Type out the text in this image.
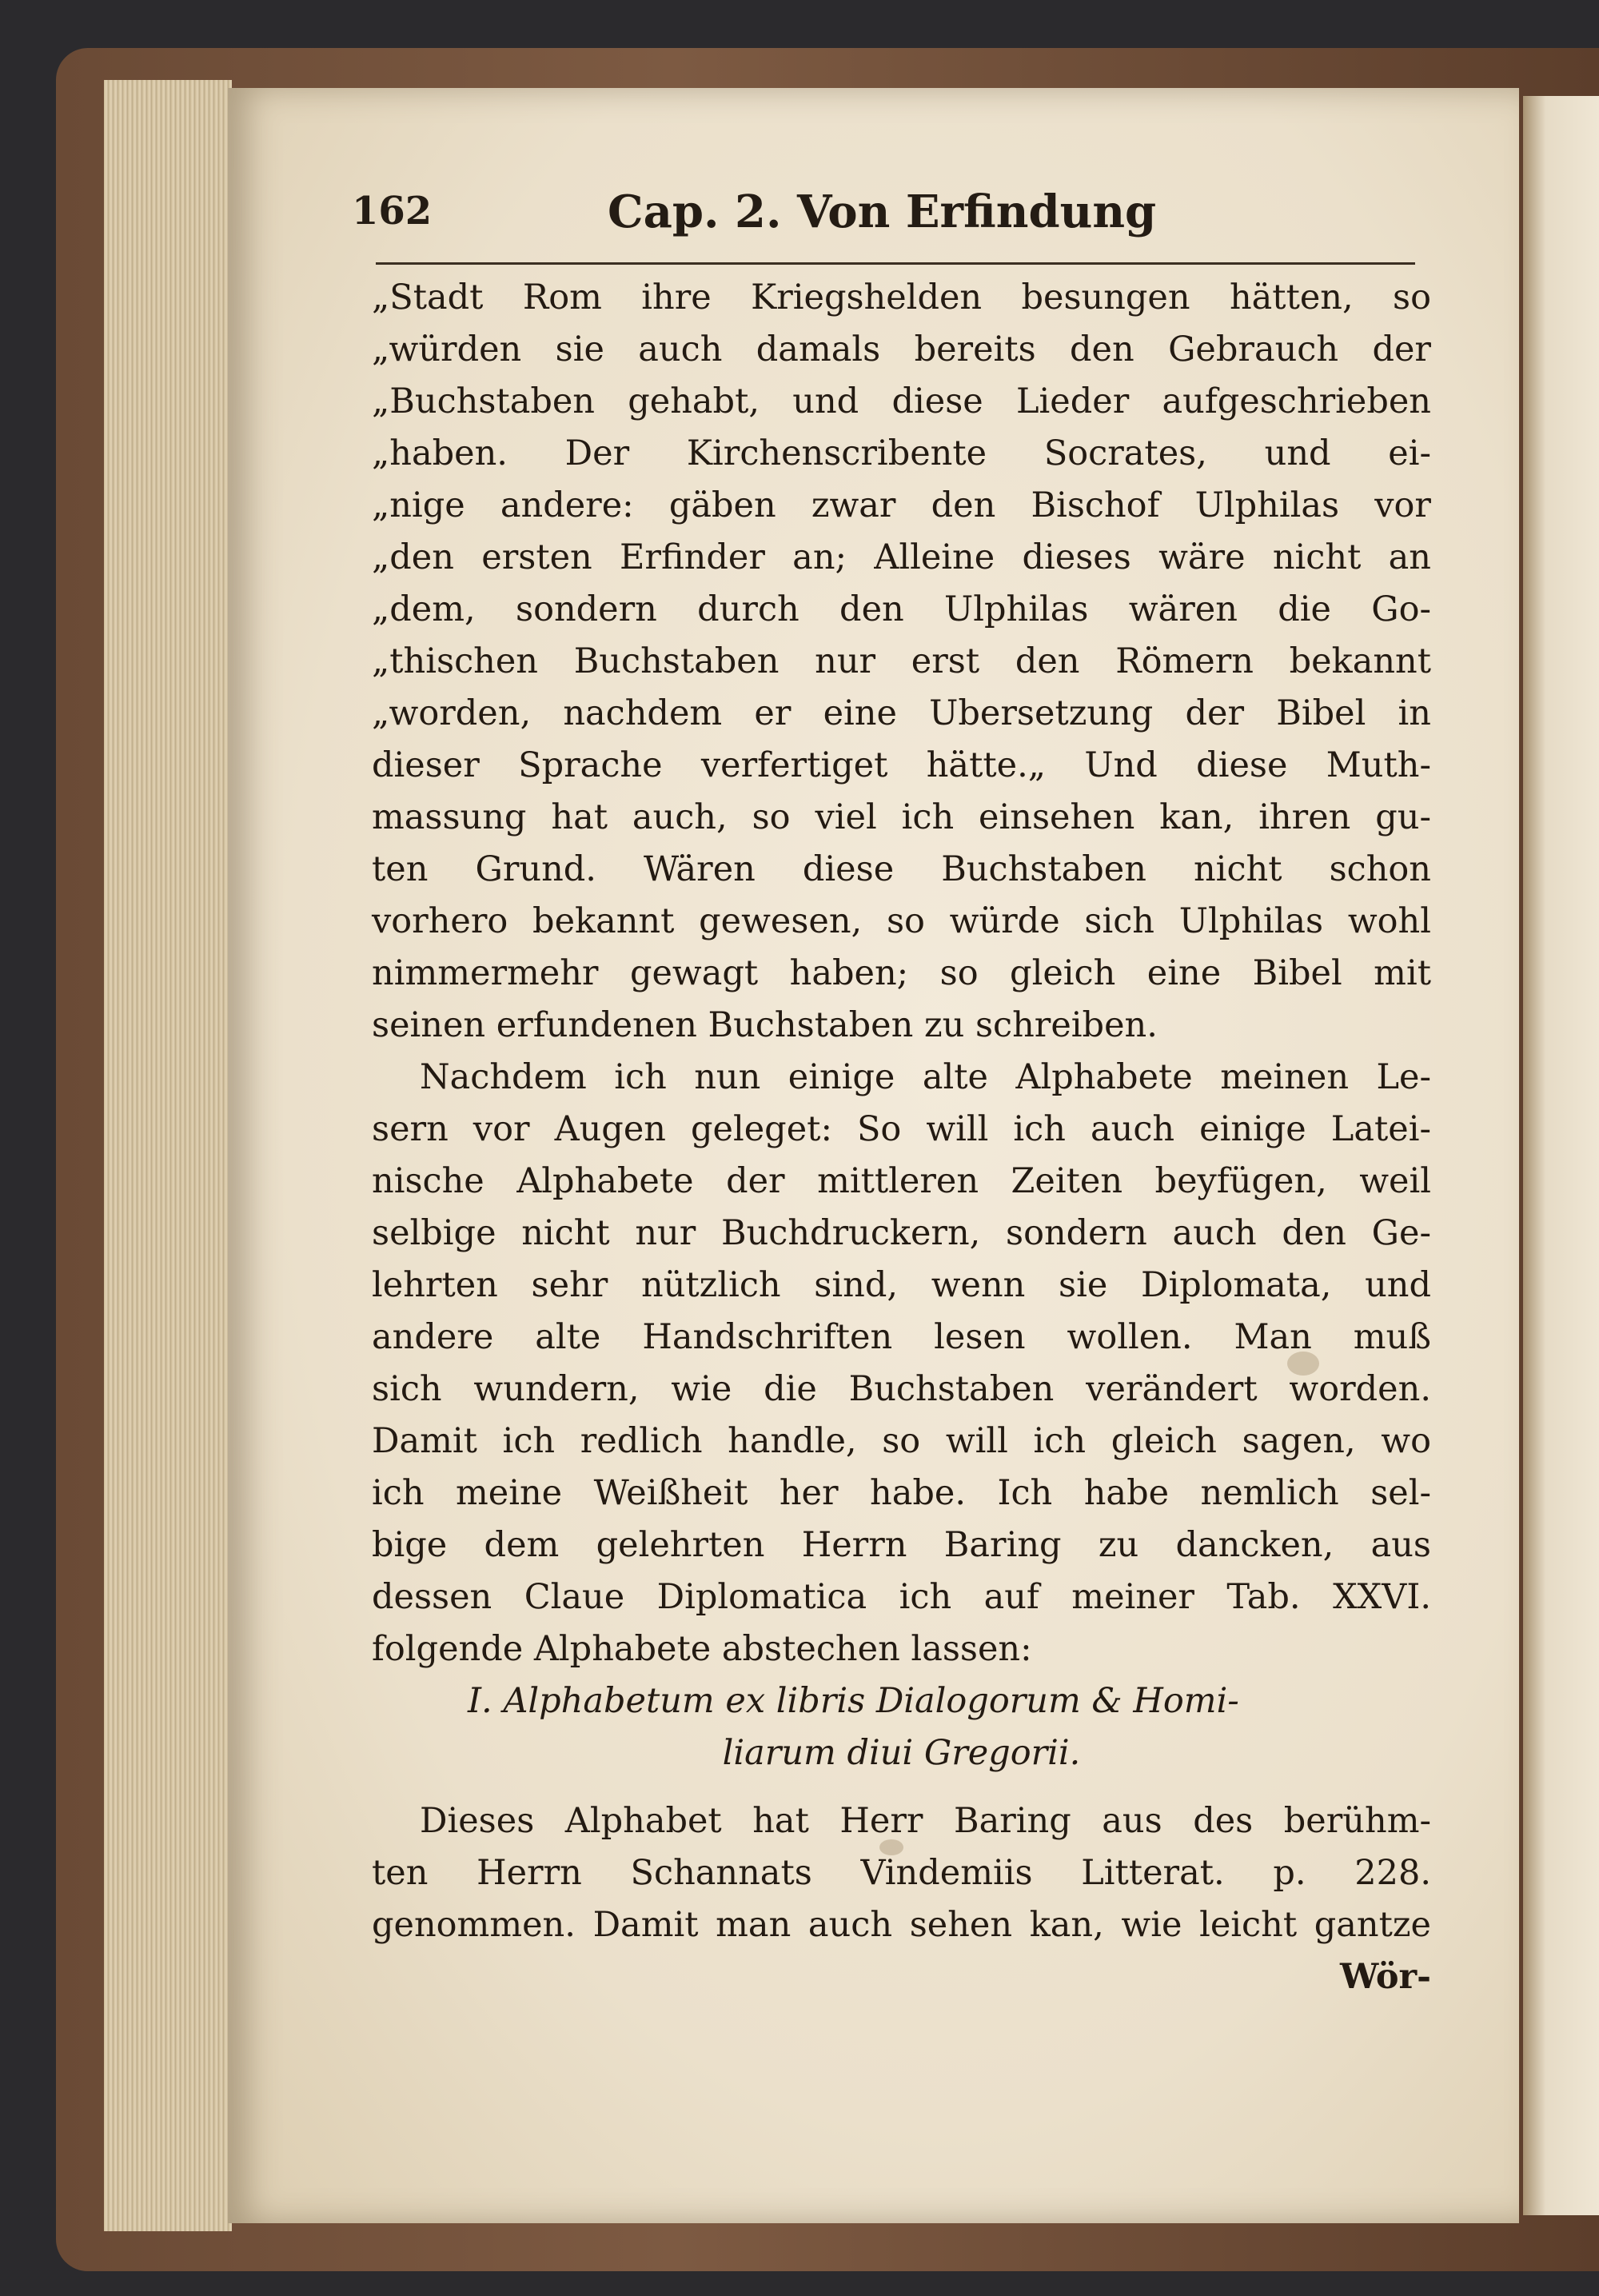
162	Cap. 2. Von Erfindung
„Stadt Rom ihre Kriegshelden besungen hätten, so
„würden sie auch damals bereits den Gebrauch der
„Buchstaben gehabt, und diese Lieder aufgeschrieben
„haben. Der Kirchenscribente Socrates, und ei-
„nige andere: gäben zwar den Bischof Ulphilas vor
„den ersten Erfinder an; Alleine dieses wäre nicht an
„dem, sondern durch den Ulphilas wären die Go-
„thischen Buchstaben nur erst den Römern bekannt
„worden, nachdem er eine Ubersetzung der Bibel in
dieser Sprache verfertiget hätte.„ Und diese Muth-
massung hat auch, so viel ich einsehen kan, ihren gu-
ten Grund. Wären diese Buchstaben nicht schon
vorhero bekannt gewesen, so würde sich Ulphilas wohl
nimmermehr gewagt haben; so gleich eine Bibel mit
seinen erfundenen Buchstaben zu schreiben.
Nachdem ich nun einige alte Alphabete meinen Le-
sern vor Augen geleget: So will ich auch einige Latei-
nische Alphabete der mittleren Zeiten beyfügen, weil
selbige nicht nur Buchdruckern, sondern auch den Ge-
lehrten sehr nützlich sind, wenn sie Diplomata, und
andere alte Handschriften lesen wollen. Man muß
sich wundern, wie die Buchstaben verändert worden.
Damit ich redlich handle, so will ich gleich sagen, wo
ich meine Weißheit her habe. Ich habe nemlich sel-
bige dem gelehrten Herrn Baring zu dancken, aus
dessen Claue Diplomatica ich auf meiner Tab. XXVI.
folgende Alphabete abstechen lassen:
I. Alphabetum ex libris Dialogorum & Homi-
liarum diui Gregorii.
Dieses Alphabet hat Herr Baring aus des berühm-
ten Herrn Schannats Vindemiis Litterat. p. 228.
genommen. Damit man auch sehen kan, wie leicht gantze
Wör-
